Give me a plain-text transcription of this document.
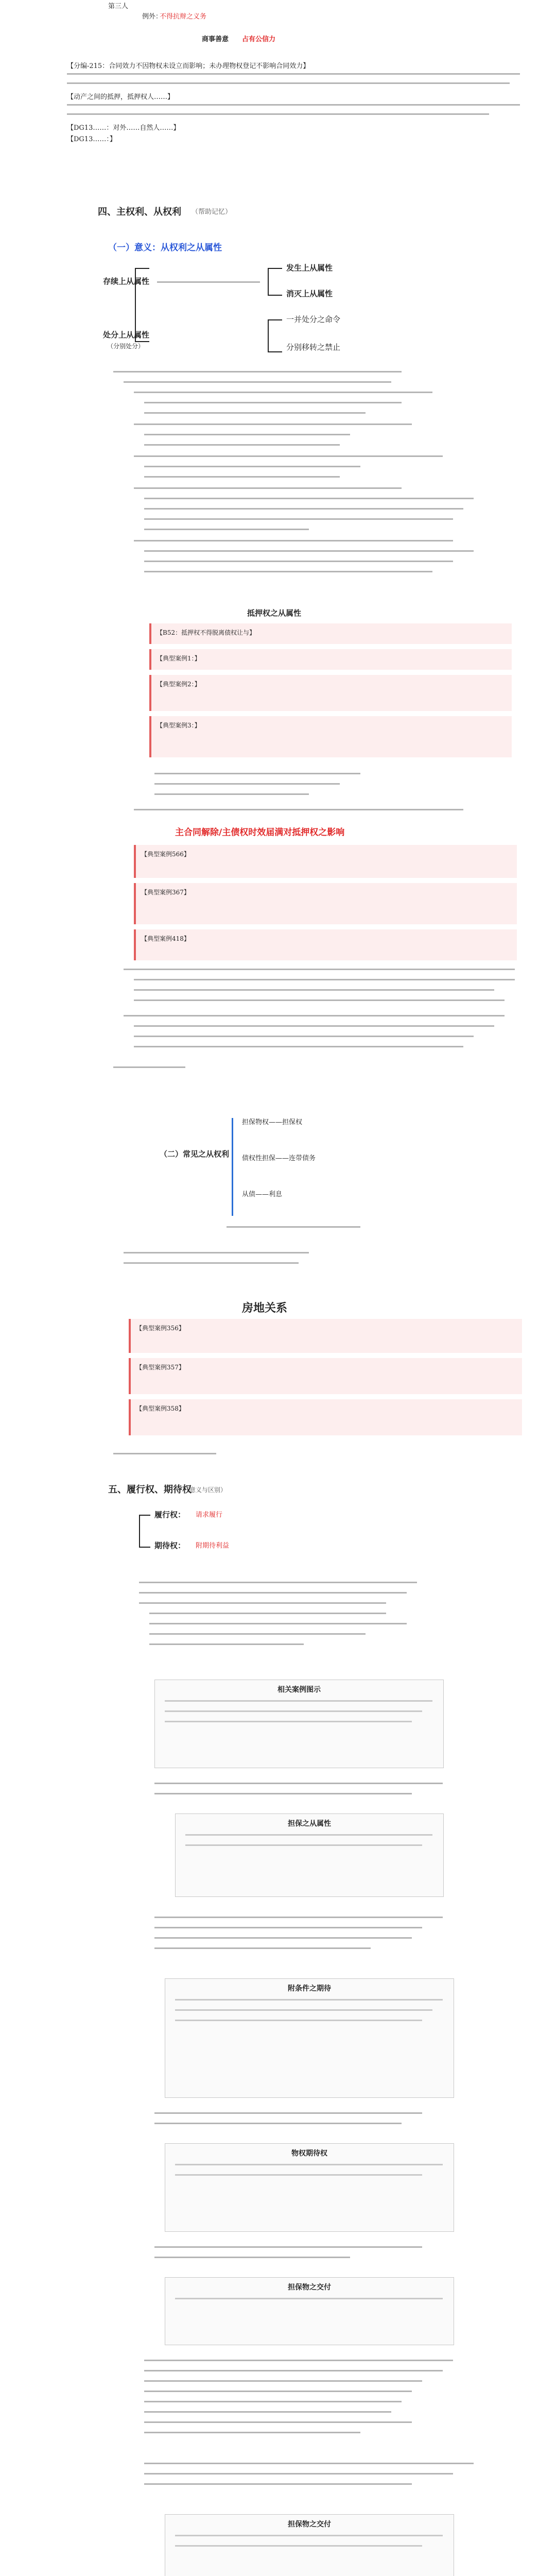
第三人
例外：
不得抗辩之义务
商事善意 占有公信力
【分编-215：合同效力不因物权未设立而影响；未办理物权登记不影响合同效力】
【动产之间的抵押，抵押权人……】
【DG13……：对外……自然人……】
【DG13……：】
四、主权利、从权利 （帮助记忆）
（一）意义：从权利之从属性
存续上从属性
发生上从属性
消灭上从属性
处分上从属性
（分别处分）
一并处分之命令
分别移转之禁止
抵押权之从属性
【B52：抵押权不得脱离债权让与】
【典型案例1：】
【典型案例2：】
【典型案例3：】
主合同解除/主债权时效届满对抵押权之影响
【典型案例566】
【典型案例367】
【典型案例418】
（二）常见之从权利
担保物权——担保权
债权性担保——连带债务
从债——利息
房地关系
【典型案例356】
【典型案例357】
【典型案例358】
五、履行权、期待权
（意义与区别）
履行权： 请求履行
期待权： 附期待利益
相关案例图示
担保之从属性
附条件之期待
物权期待权
担保物之交付
担保物之交付
